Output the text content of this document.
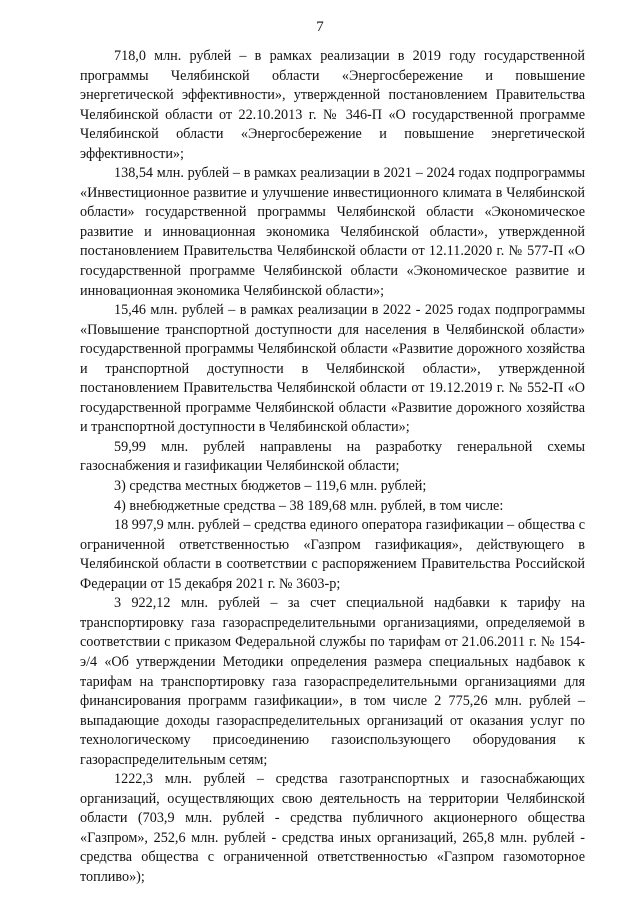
7

718,0 млн. рублей – в рамках реализации в 2019 году государственной программы Челябинской области «Энергосбережение и повышение энергетической эффективности», утвержденной постановлением Правительства Челябинской области от 22.10.2013 г. № 346-П «О государственной программе Челябинской области «Энергосбережение и повышение энергетической эффективности»;

138,54 млн. рублей – в рамках реализации в 2021 – 2024 годах подпрограммы «Инвестиционное развитие и улучшение инвестиционного климата в Челябинской области» государственной программы Челябинской области «Экономическое развитие и инновационная экономика Челябинской области», утвержденной постановлением Правительства Челябинской области от 12.11.2020 г. № 577-П «О государственной программе Челябинской области «Экономическое развитие и инновационная экономика Челябинской области»;

15,46 млн. рублей – в рамках реализации в 2022 - 2025 годах подпрограммы «Повышение транспортной доступности для населения в Челябинской области» государственной программы Челябинской области «Развитие дорожного хозяйства и транспортной доступности в Челябинской области», утвержденной постановлением Правительства Челябинской области от 19.12.2019 г. № 552-П «О государственной программе Челябинской области «Развитие дорожного хозяйства и транспортной доступности в Челябинской области»;

59,99 млн. рублей направлены на разработку генеральной схемы газоснабжения и газификации Челябинской области;

3) средства местных бюджетов – 119,6 млн. рублей;

4) внебюджетные средства – 38 189,68 млн. рублей, в том числе:

18 997,9 млн. рублей – средства единого оператора газификации – общества с ограниченной ответственностью «Газпром газификация», действующего в Челябинской области в соответствии с распоряжением Правительства Российской Федерации от 15 декабря 2021 г. № 3603-р;

3 922,12 млн. рублей – за счет специальной надбавки к тарифу на транспортировку газа газораспределительными организациями, определяемой в соответствии с приказом Федеральной службы по тарифам от 21.06.2011 г. № 154-э/4 «Об утверждении Методики определения размера специальных надбавок к тарифам на транспортировку газа газораспределительными организациями для финансирования программ газификации», в том числе 2 775,26 млн. рублей – выпадающие доходы газораспределительных организаций от оказания услуг по технологическому присоединению газоиспользующего оборудования к газораспределительным сетям;

1222,3 млн. рублей – средства газотранспортных и газоснабжающих организаций, осуществляющих свою деятельность на территории Челябинской области (703,9 млн. рублей - средства публичного акционерного общества «Газпром», 252,6 млн. рублей - средства иных организаций, 265,8 млн. рублей - средства общества с ограниченной ответственностью «Газпром газомоторное топливо»);
